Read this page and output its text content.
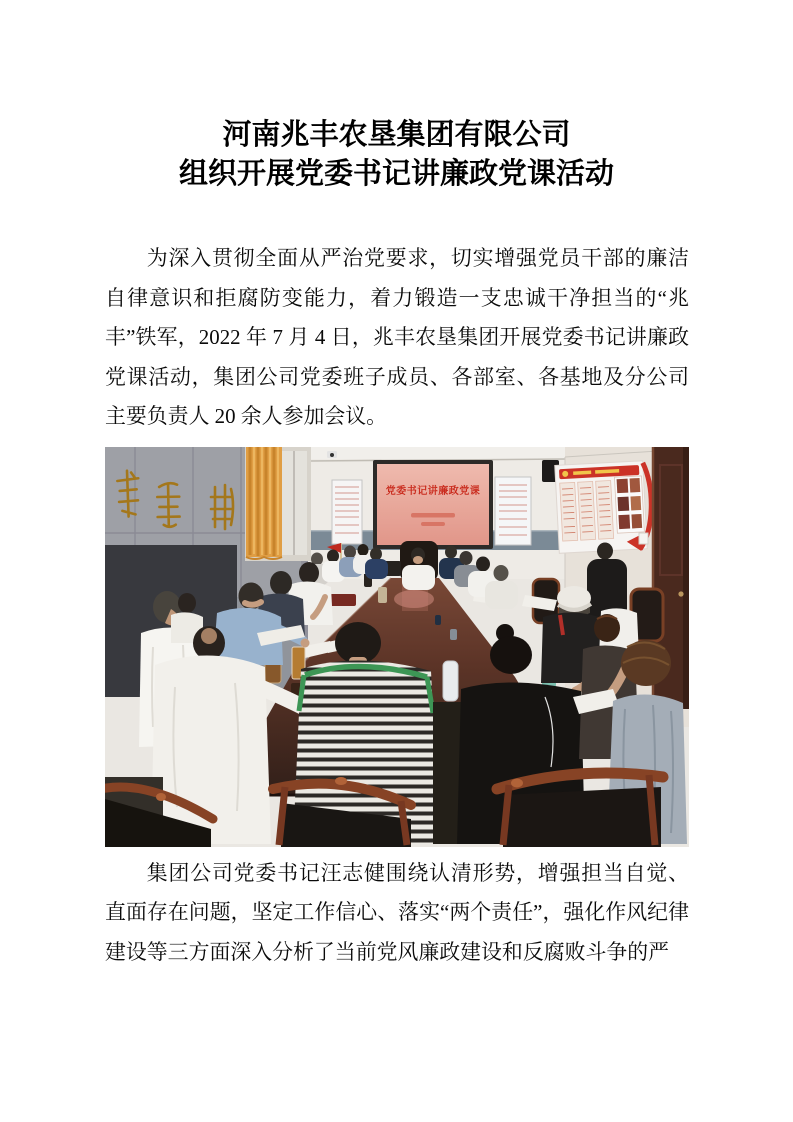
河南兆丰农垦集团有限公司
组织开展党委书记讲廉政党课活动

为深入贯彻全面从严治党要求，切实增强党员干部的廉洁自律意识和拒腐防变能力，着力锻造一支忠诚干净担当的“兆丰”铁军，2022 年 7 月 4 日，兆丰农垦集团开展党委书记讲廉政党课活动，集团公司党委班子成员、各部室、各基地及分公司主要负责人 20 余人参加会议。

党委书记讲廉政党课

集团公司党委书记汪志健围绕认清形势，增强担当自觉、直面存在问题，坚定工作信心、落实“两个责任”，强化作风纪律建设等三方面深入分析了当前党风廉政建设和反腐败斗争的严
